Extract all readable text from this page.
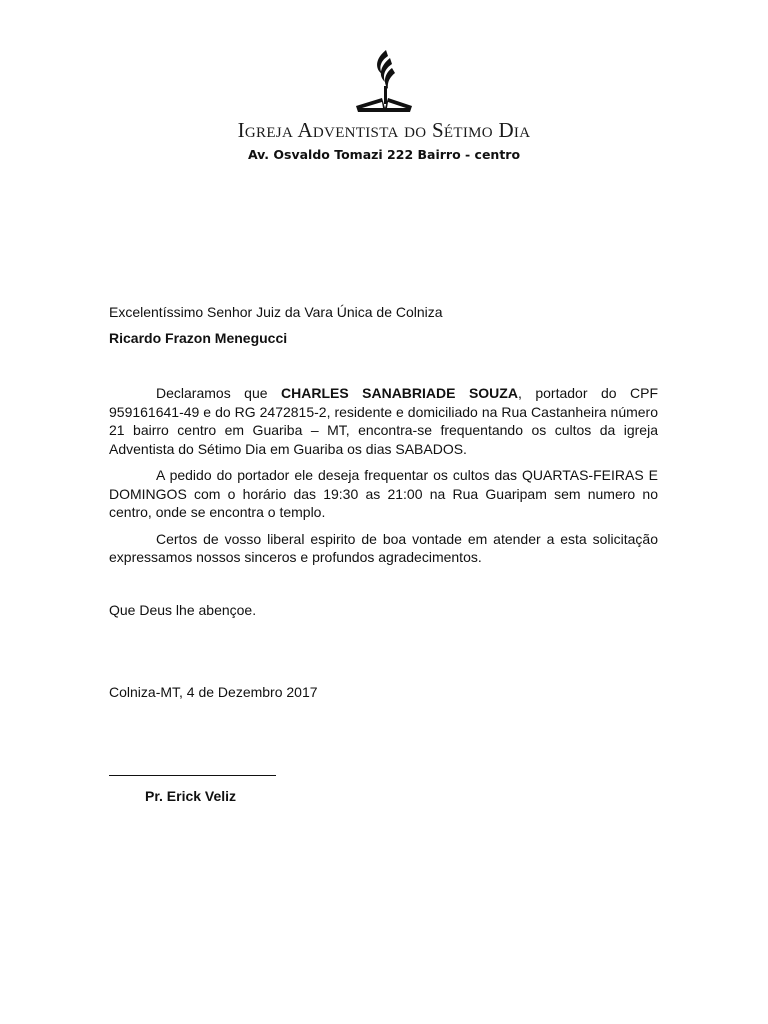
Igreja Adventista do Sétimo Dia
Av. Osvaldo Tomazi 222 Bairro - centro
Excelentíssimo Senhor Juiz da Vara Única de Colniza
Ricardo Frazon Menegucci

Declaramos que CHARLES SANABRIADE SOUZA, portador do CPF 959161641-49 e do RG 2472815-2, residente e domiciliado na Rua Castanheira número 21 bairro centro em Guariba – MT, encontra-se frequentando os cultos da igreja Adventista do Sétimo Dia em Guariba os dias SABADOS.

A pedido do portador ele deseja frequentar os cultos das QUARTAS-FEIRAS E DOMINGOS com o horário das 19:30 as 21:00 na Rua Guaripam sem numero no centro, onde se encontra o templo.

Certos de vosso liberal espirito de boa vontade em atender a esta solicitação expressamos nossos sinceros e profundos agradecimentos.

Que Deus lhe abençoe.
Colniza-MT, 4 de Dezembro 2017
Pr. Erick Veliz
